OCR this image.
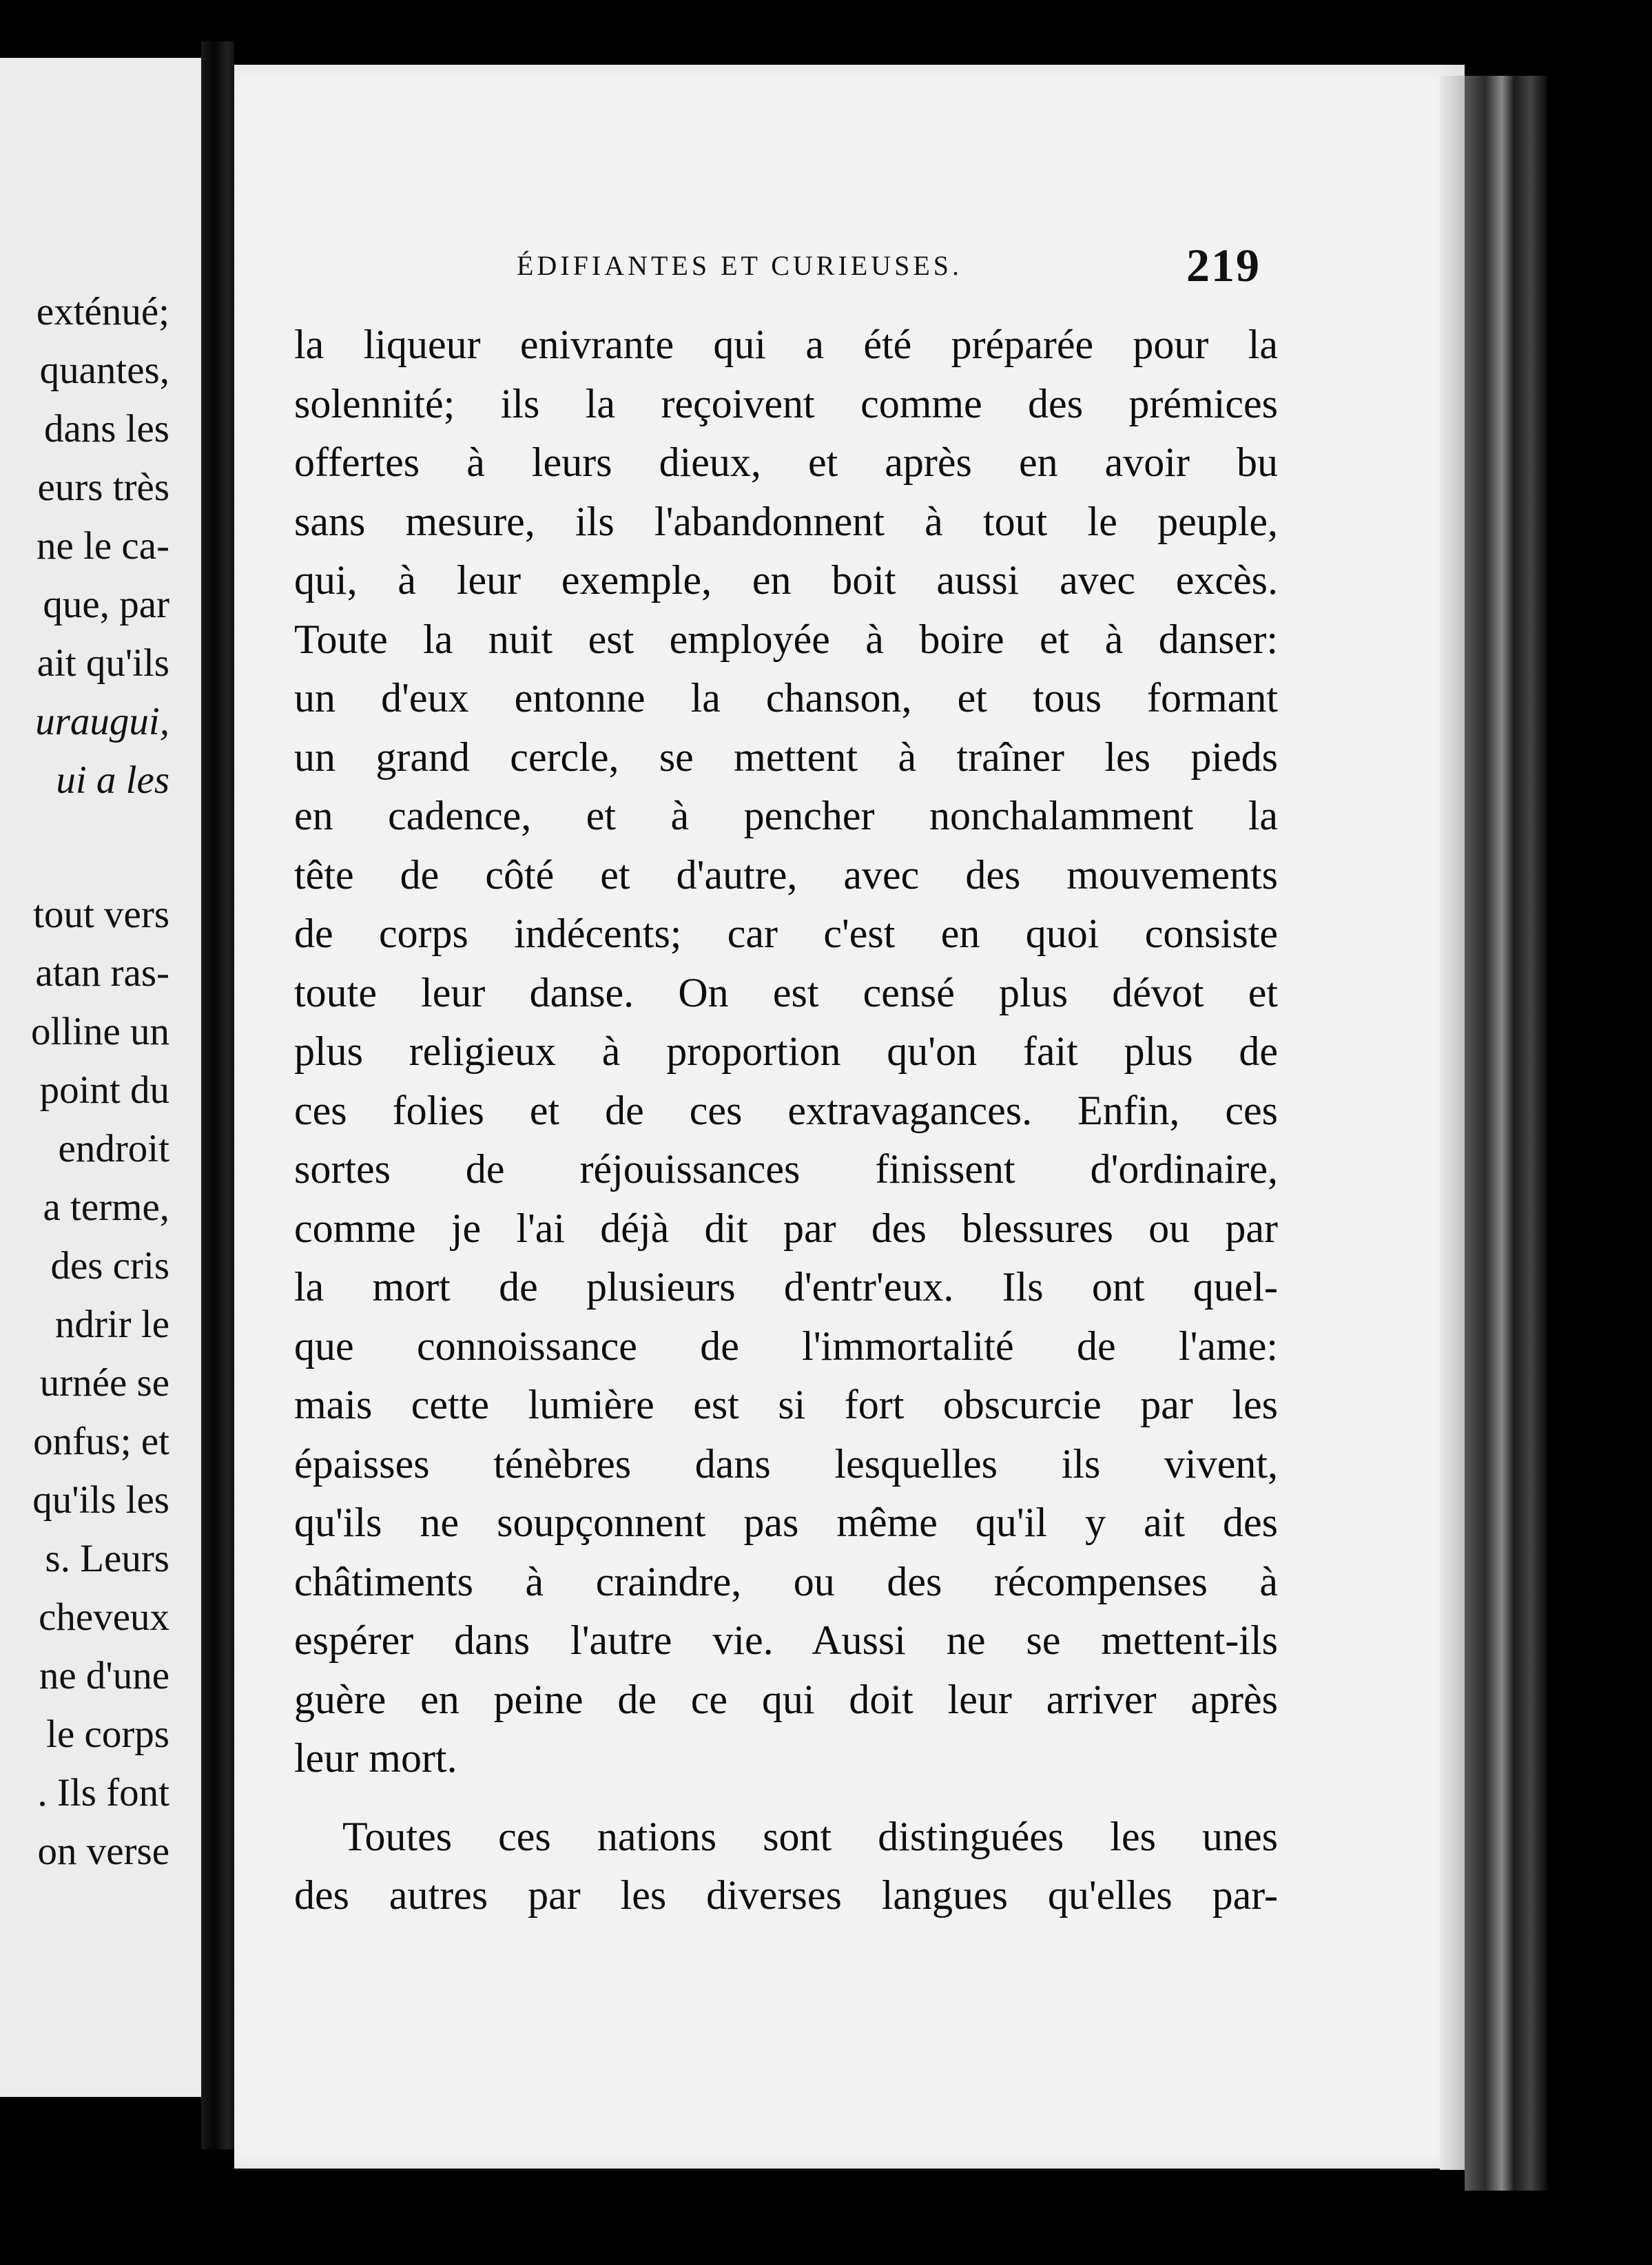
exténué;
quantes,
dans les
eurs très
ne le ca-
que, par
ait qu'ils
uraugui,
ui a les
tout vers
atan ras-
olline un
point du
endroit
a terme,
des cris
ndrir le
urnée se
onfus; et
qu'ils les
s. Leurs
cheveux
ne d'une
le corps
. Ils font
on verse
ÉDIFIANTES ET CURIEUSES.	219
la liqueur enivrante qui a été préparée pour la
solennité; ils la reçoivent comme des prémices
offertes à leurs dieux, et après en avoir bu
sans mesure, ils l'abandonnent à tout le peuple,
qui, à leur exemple, en boit aussi avec excès.
Toute la nuit est employée à boire et à danser:
un d'eux entonne la chanson, et tous formant
un grand cercle, se mettent à traîner les pieds
en cadence, et à pencher nonchalamment la
tête de côté et d'autre, avec des mouvements
de corps indécents; car c'est en quoi consiste
toute leur danse. On est censé plus dévot et
plus religieux à proportion qu'on fait plus de
ces folies et de ces extravagances. Enfin, ces
sortes de réjouissances finissent d'ordinaire,
comme je l'ai déjà dit par des blessures ou par
la mort de plusieurs d'entr'eux. Ils ont quel-
que connoissance de l'immortalité de l'ame:
mais cette lumière est si fort obscurcie par les
épaisses ténèbres dans lesquelles ils vivent,
qu'ils ne soupçonnent pas même qu'il y ait des
châtiments à craindre, ou des récompenses à
espérer dans l'autre vie. Aussi ne se mettent-ils
guère en peine de ce qui doit leur arriver après
leur mort.
Toutes ces nations sont distinguées les unes
des autres par les diverses langues qu'elles par-
